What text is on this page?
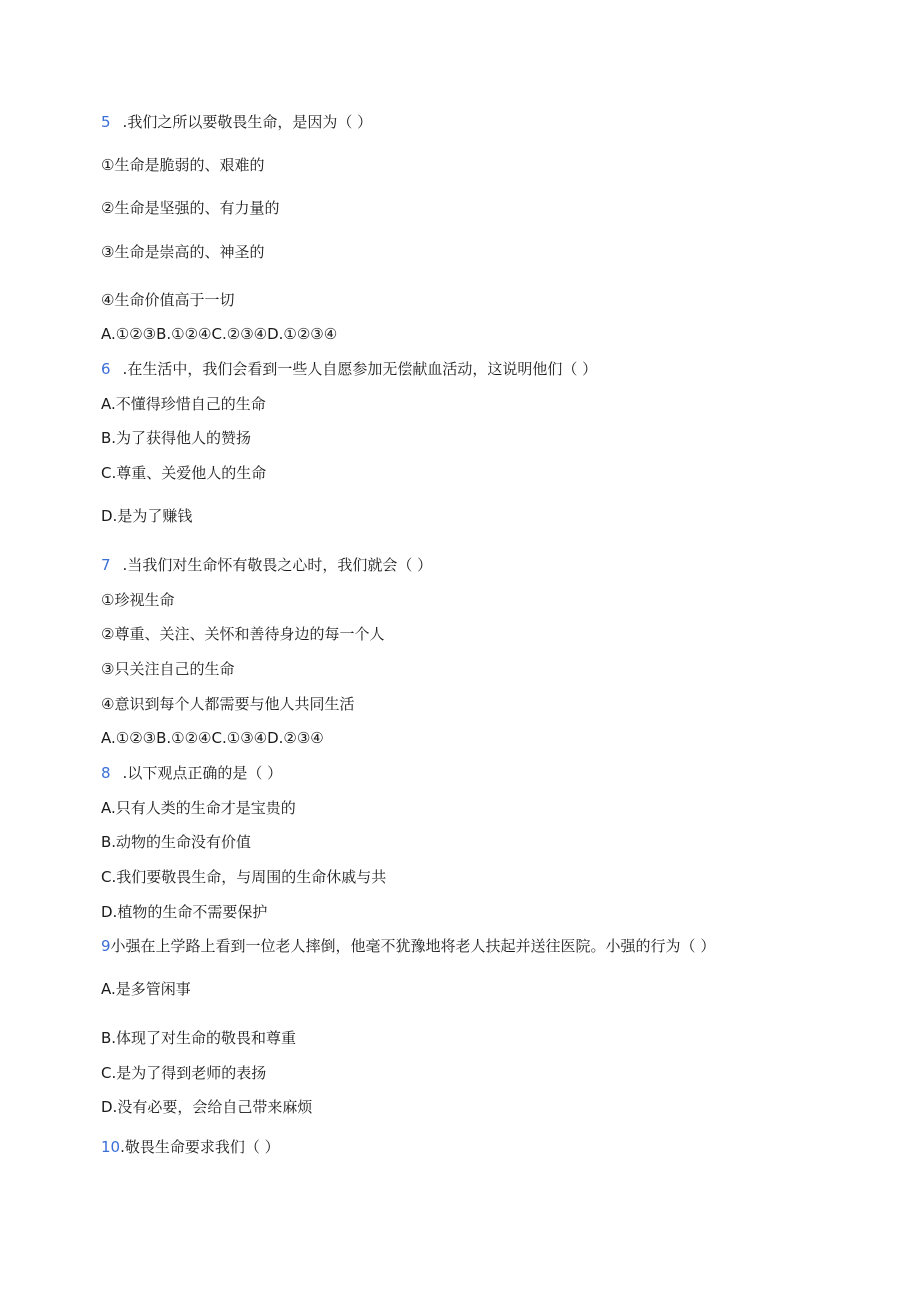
5 .我们之所以要敬畏生命，是因为（ ）
①生命是脆弱的、艰难的
②生命是坚强的、有力量的
③生命是崇高的、神圣的
④生命价值高于一切
A.①②③B.①②④C.②③④D.①②③④
6 .在生活中，我们会看到一些人自愿参加无偿献血活动，这说明他们（ ）
A.不懂得珍惜自己的生命
B.为了获得他人的赞扬
C.尊重、关爱他人的生命
D.是为了赚钱
7 .当我们对生命怀有敬畏之心时，我们就会（ ）
①珍视生命
②尊重、关注、关怀和善待身边的每一个人
③只关注自己的生命
④意识到每个人都需要与他人共同生活
A.①②③B.①②④C.①③④D.②③④
8 .以下观点正确的是（ ）
A.只有人类的生命才是宝贵的
B.动物的生命没有价值
C.我们要敬畏生命，与周围的生命休戚与共
D.植物的生命不需要保护
9小强在上学路上看到一位老人摔倒，他毫不犹豫地将老人扶起并送往医院。小强的行为（ ）
A.是多管闲事
B.体现了对生命的敬畏和尊重
C.是为了得到老师的表扬
D.没有必要，会给自己带来麻烦
10.敬畏生命要求我们（ ）
